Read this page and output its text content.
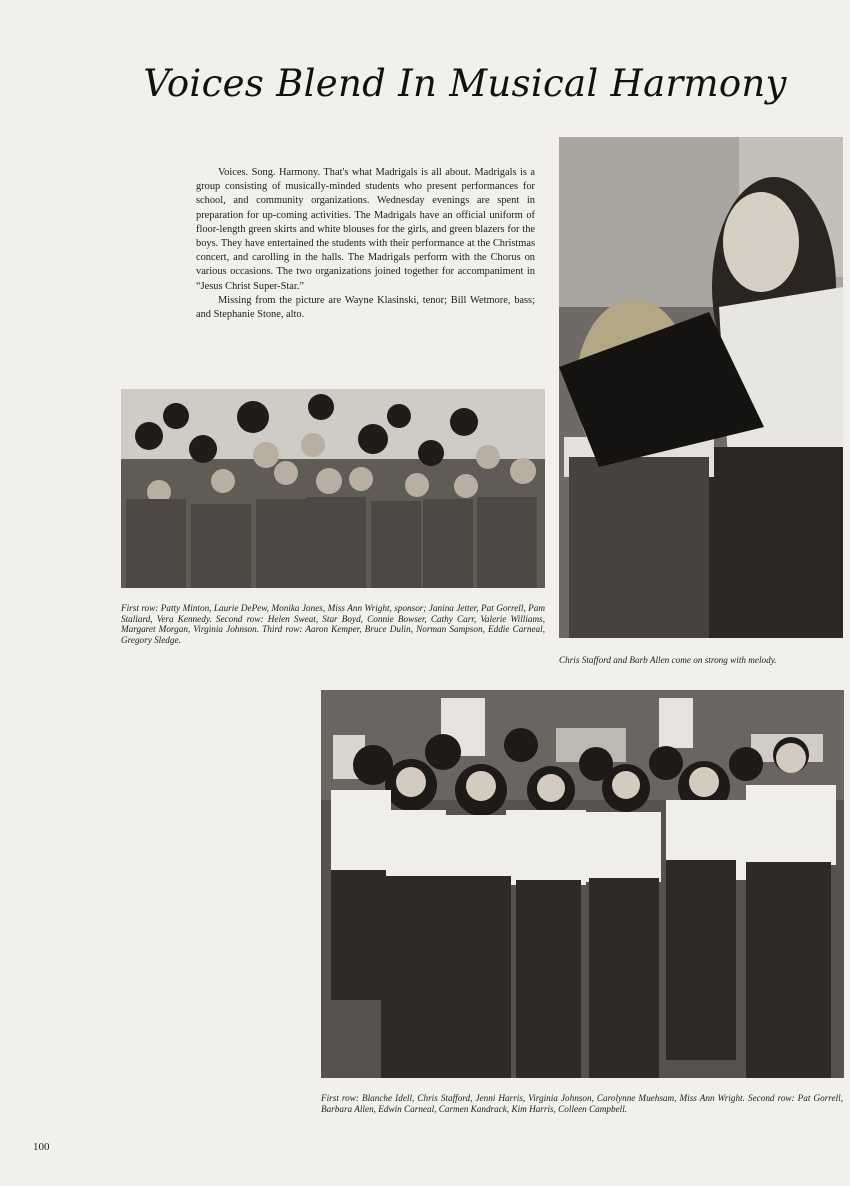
Voices Blend In Musical Harmony

Voices. Song. Harmony. That's what Madrigals is all about. Madrigals is a group consisting of musically-minded students who present performances for school, and community organizations. Wednesday evenings are spent in preparation for up-coming activities. The Madrigals have an official uniform of floor-length green skirts and white blouses for the girls, and green blazers for the boys. They have entertained the students with their performance at the Christmas concert, and carolling in the halls. The Madrigals perform with the Chorus on various occasions. The two organizations joined together for accompaniment in “Jesus Christ Super-Star.”

Missing from the picture are Wayne Klasinski, tenor; Bill Wetmore, bass; and Stephanie Stone, alto.

Chris Stafford and Barb Allen come on strong with melody.

First row: Patty Minton, Laurie DePew, Monika Jones, Miss Ann Wright, sponsor; Janina Jetter, Pat Gorrell, Pam Stallard, Vera Kennedy. Second row: Helen Sweat, Star Boyd, Connie Bowser, Cathy Carr, Valerie Williams, Margaret Morgan, Virginia Johnson. Third row: Aaron Kemper, Bruce Dulin, Norman Sampson, Eddie Carneal, Gregory Sledge.

First row: Blanche Idell, Chris Stafford, Jenni Harris, Virginia Johnson, Carolynne Muehsam, Miss Ann Wright. Second row: Pat Gorrell, Barbara Allen, Edwin Carneal, Carmen Kandrack, Kim Harris, Colleen Campbell.

100
